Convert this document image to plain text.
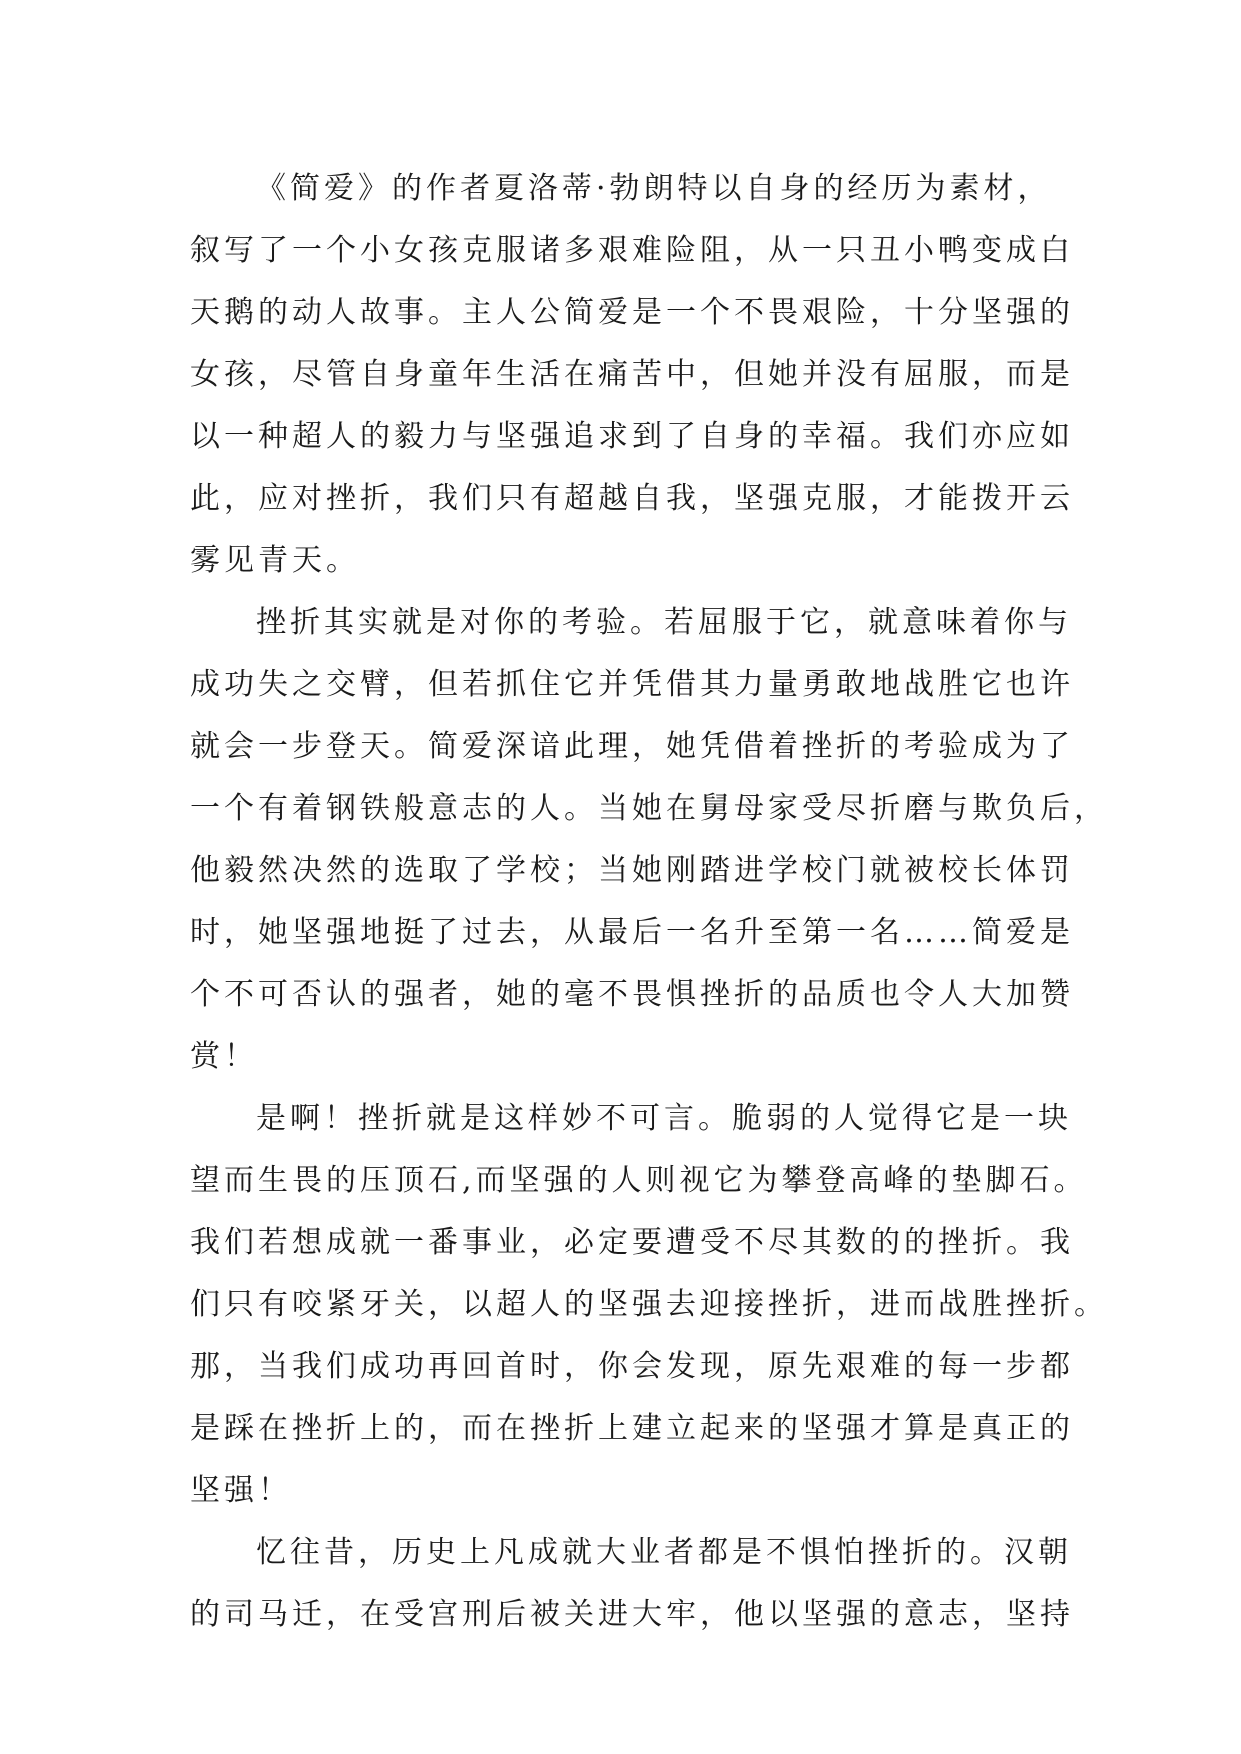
《简爱》的作者夏洛蒂·勃朗特以自身的经历为素材，
叙写了一个小女孩克服诸多艰难险阻，从一只丑小鸭变成白
天鹅的动人故事。主人公简爱是一个不畏艰险，十分坚强的
女孩，尽管自身童年生活在痛苦中，但她并没有屈服，而是
以一种超人的毅力与坚强追求到了自身的幸福。我们亦应如
此，应对挫折，我们只有超越自我，坚强克服，才能拨开云
雾见青天。
挫折其实就是对你的考验。若屈服于它，就意味着你与
成功失之交臂，但若抓住它并凭借其力量勇敢地战胜它也许
就会一步登天。简爱深谙此理，她凭借着挫折的考验成为了
一个有着钢铁般意志的人。当她在舅母家受尽折磨与欺负后，
他毅然决然的选取了学校；当她刚踏进学校门就被校长体罚
时，她坚强地挺了过去，从最后一名升至第一名……简爱是
个不可否认的强者，她的毫不畏惧挫折的品质也令人大加赞
赏！
是啊！挫折就是这样妙不可言。脆弱的人觉得它是一块
望而生畏的压顶石,而坚强的人则视它为攀登高峰的垫脚石。
我们若想成就一番事业，必定要遭受不尽其数的的挫折。我
们只有咬紧牙关，以超人的坚强去迎接挫折，进而战胜挫折。
那，当我们成功再回首时，你会发现，原先艰难的每一步都
是踩在挫折上的，而在挫折上建立起来的坚强才算是真正的
坚强！
忆往昔，历史上凡成就大业者都是不惧怕挫折的。汉朝
的司马迁，在受宫刑后被关进大牢，他以坚强的意志，坚持
